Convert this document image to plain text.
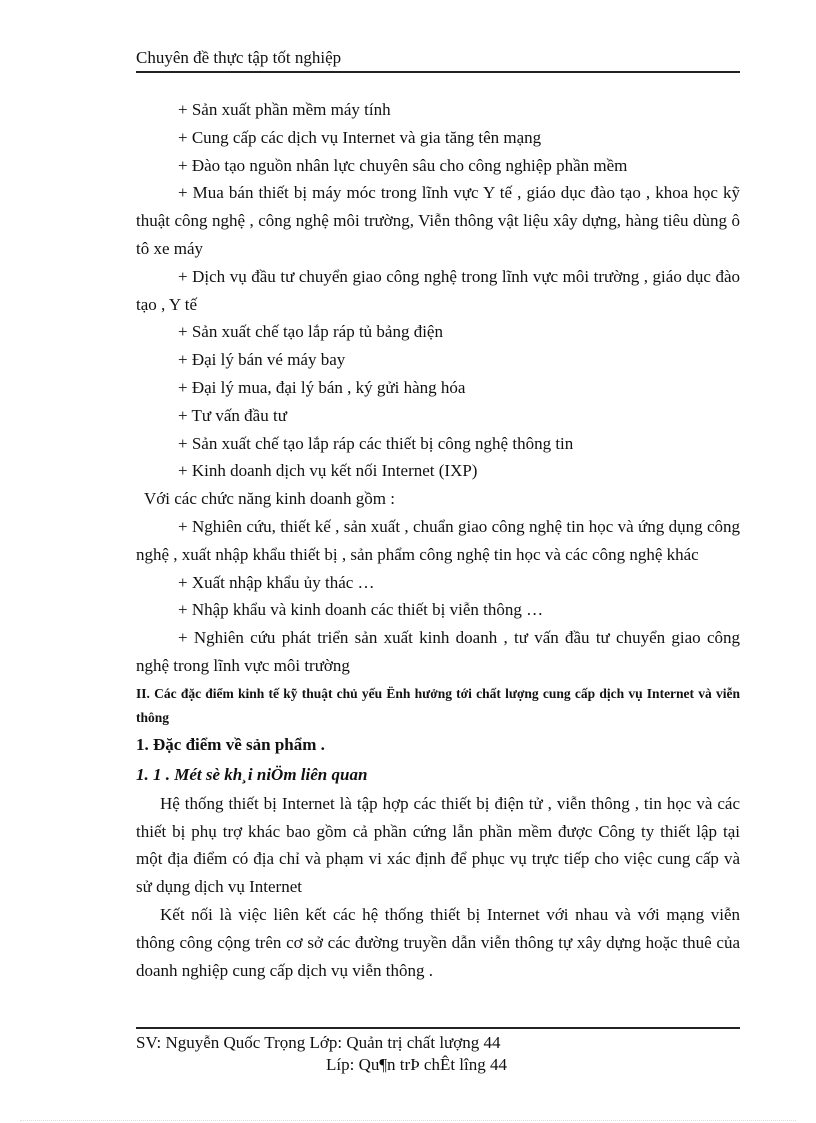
Chuyên đề thực tập tốt nghiệp

+ Sản xuất phần mềm máy tính

+ Cung cấp các dịch vụ Internet và gia tăng tên mạng

+ Đào tạo nguồn nhân lực chuyên sâu cho công nghiệp phần mềm

+ Mua bán thiết bị máy móc trong lĩnh vực Y tế , giáo dục đào tạo , khoa học kỹ thuật công nghệ , công nghệ môi trường, Viễn thông vật liệu xây dựng, hàng tiêu dùng ô tô xe máy

+ Dịch vụ đầu tư chuyển giao công nghệ trong lĩnh vực môi trường , giáo dục đào tạo , Y tế

+ Sản xuất chế tạo lắp ráp tủ bảng điện

+ Đại lý bán vé máy bay

+ Đại lý mua, đại lý bán , ký gửi hàng hóa

+ Tư vấn đầu tư

+ Sản xuất chế tạo lắp ráp các thiết bị công nghệ thông tin

+ Kinh doanh dịch vụ kết nối Internet (IXP)

Với các chức năng kinh doanh gồm :

+ Nghiên cứu, thiết kế , sản xuất , chuẩn giao công nghệ tin học và ứng dụng công nghệ , xuất nhập khẩu thiết bị , sản phẩm công nghệ tin học và các công nghệ khác

+ Xuất nhập khẩu ủy thác …

+ Nhập khẩu và kinh doanh các thiết bị viễn thông …

+ Nghiên cứu phát triển sản xuất kinh doanh , tư vấn đầu tư chuyển giao công nghệ trong lĩnh vực môi trường

II. Các đặc điểm kinh tế kỹ thuật chủ yếu Ënh hưởng tới chất lượng cung cấp dịch vụ Internet và viễn thông

1. Đặc điểm về sản phẩm .

1. 1 . Mét sè kh¸i niÖm liên quan

Hệ thống thiết bị Internet là tập hợp các thiết bị điện tử , viễn thông , tin học và các thiết bị phụ trợ khác bao gồm cả phần cứng lẫn phần mềm được Công ty thiết lập tại một địa điểm có địa chỉ và phạm vi xác định để phục vụ trực tiếp cho việc cung cấp và sử dụng dịch vụ Internet

Kết nối là việc liên kết các hệ thống thiết bị Internet với nhau và với mạng viễn thông công cộng trên cơ sở các đường truyền dẫn viễn thông tự xây dựng hoặc thuê của doanh nghiệp cung cấp dịch vụ viễn thông .

SV: Nguyễn Quốc Trọng Lớp: Quản trị chất lượng 44
Líp: Qu¶n trÞ chÊt lîng 44
